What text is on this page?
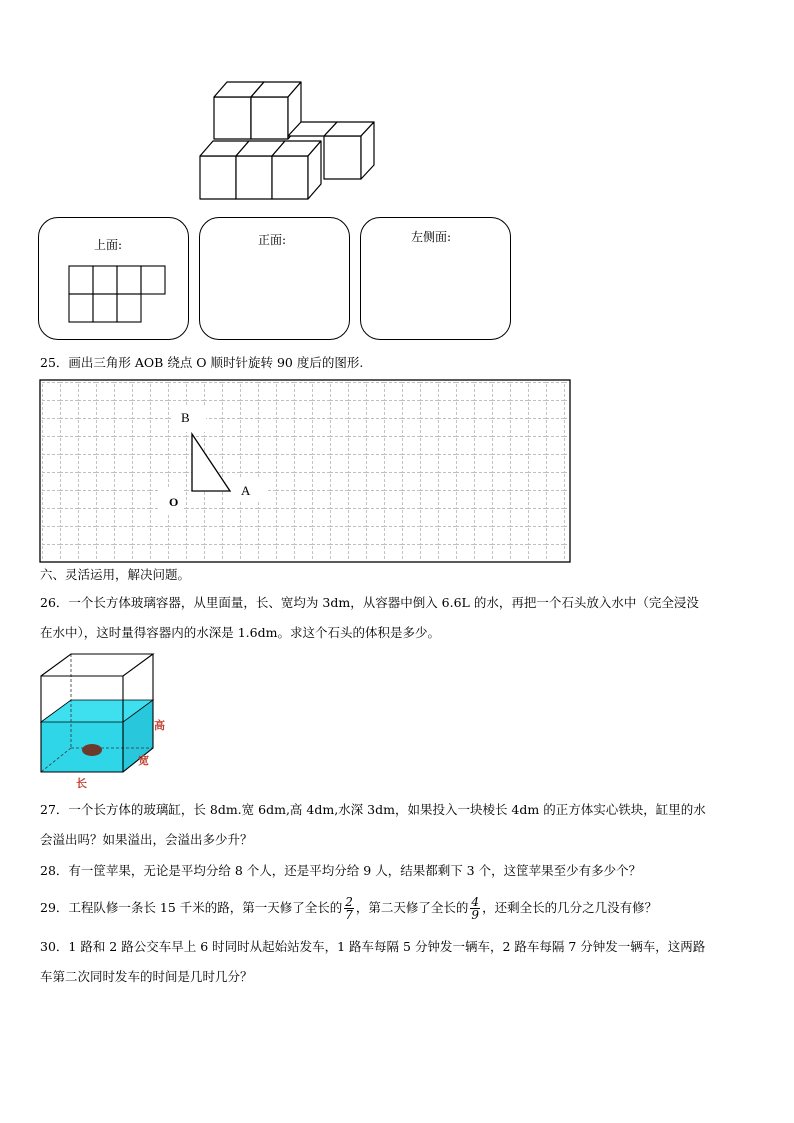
上面:	正面:	左侧面:
25．画出三角形 AOB 绕点 O 顺时针旋转 90 度后的图形.
B
A
O
六、灵活运用，解决问题。
26．一个长方体玻璃容器，从里面量，长、宽均为 3dm，从容器中倒入 6.6L 的水，再把一个石头放入水中（完全浸没
在水中），这时量得容器内的水深是 1.6dm。求这个石头的体积是多少。
高
宽
长
27．一个长方体的玻璃缸，长 8dm.宽 6dm,高 4dm,水深 3dm，如果投入一块棱长 4dm 的正方体实心铁块，缸里的水
会溢出吗？如果溢出，会溢出多少升？
28．有一筐苹果，无论是平均分给 8 个人，还是平均分给 9 人，结果都剩下 3 个，这筐苹果至少有多少个？
29．工程队修一条长 15 千米的路，第一天修了全长的 $\frac{2}{7}$ ，第二天修了全长的 $\frac{4}{9}$ ，还剩全长的几分之几没有修？
30．1 路和 2 路公交车早上 6 时同时从起始站发车，1 路车每隔 5 分钟发一辆车，2 路车每隔 7 分钟发一辆车，这两路
车第二次同时发车的时间是几时几分？
